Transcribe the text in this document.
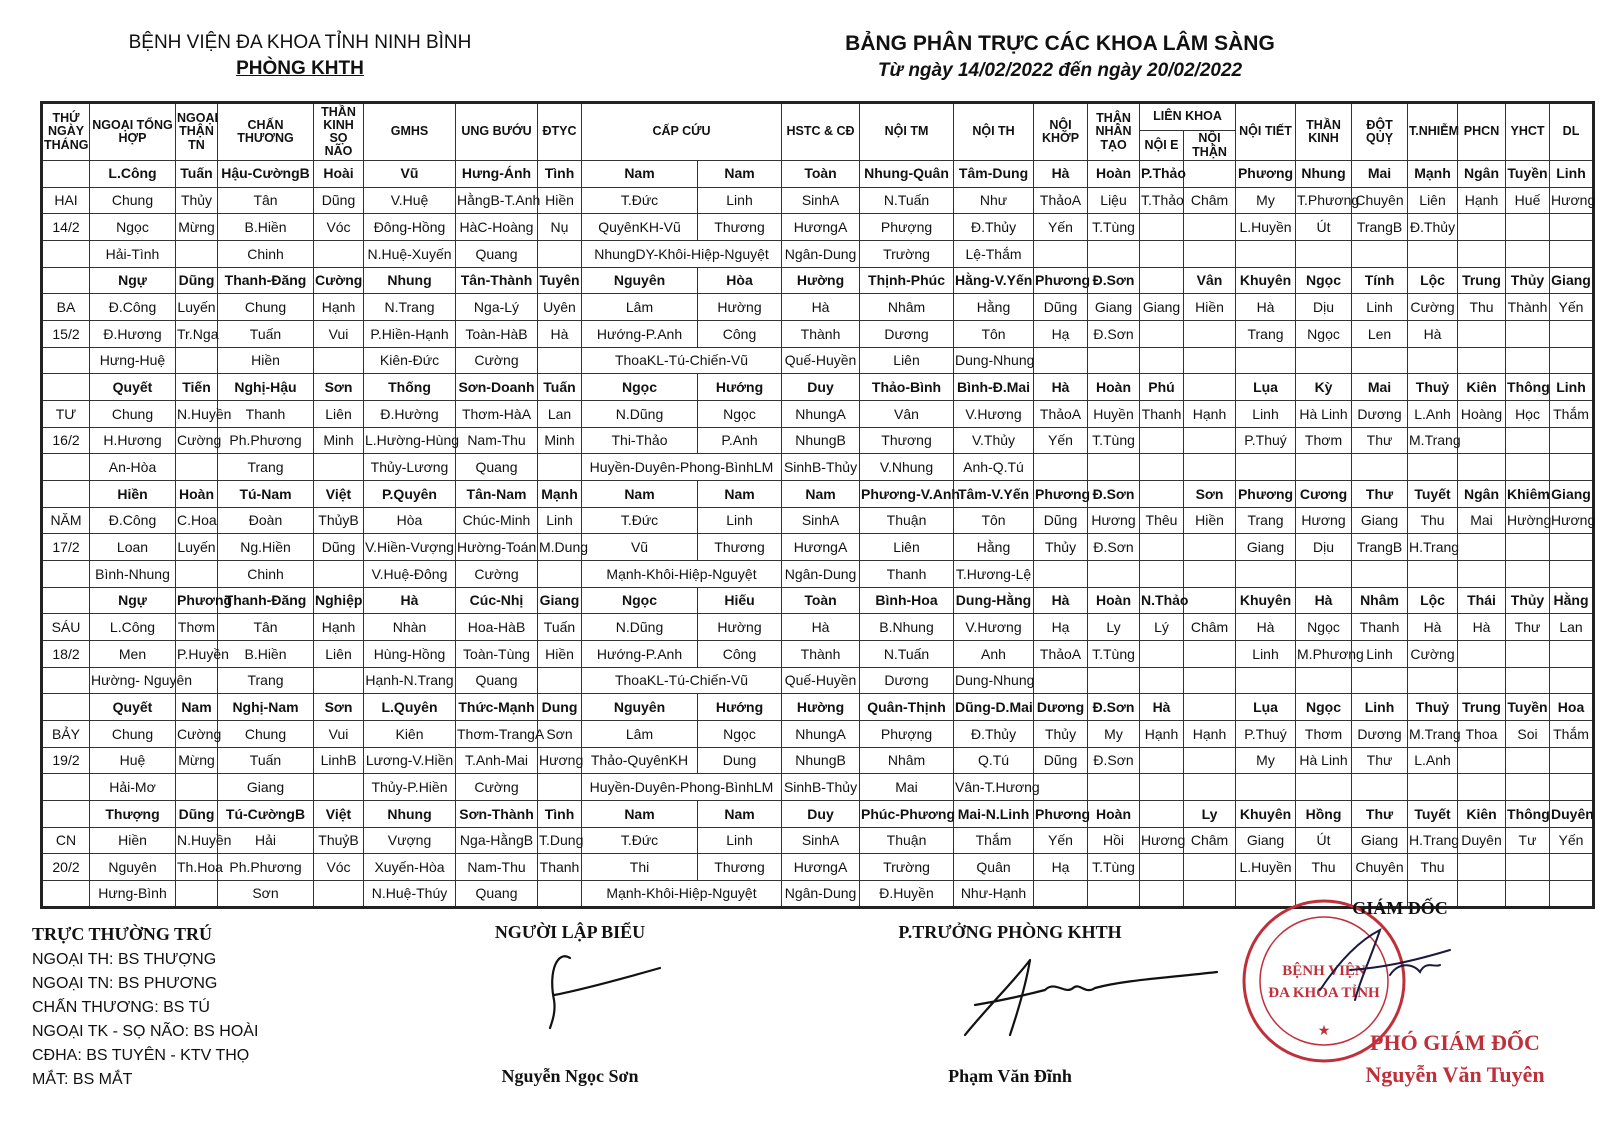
BỆNH VIỆN ĐA KHOA TỈNH NINH BÌNH
PHÒNG KHTH
BẢNG PHÂN TRỰC CÁC KHOA LÂM SÀNG
Từ ngày 14/02/2022 đến ngày 20/02/2022
THỨ NGÀY THÁNG	NGOẠI TỔNG HỢP	NGOẠI THẬN TN	CHẤN THƯƠNG	THẦN KINH SỌ NÃO	GMHS	UNG BƯỚU	ĐTYC	CẤP CỨU		HSTC & CĐ	NỘI TM	NỘI TH	NỘI KHỚP	THẬN NHÂN TẠO	LIÊN KHOA		NỘI TIẾT	THẦN KINH	ĐỘT QUỴ	T.NHIỄM	PHCN	YHCT	DL
															NỘI E	NỘI THẬN							
	L.Công	Tuấn	Hậu-CườngB	Hoài	Vũ	Hưng-Ánh	Tình	Nam	Nam	Toàn	Nhung-Quân	Tâm-Dung	Hà	Hoàn	P.Thảo		Phương	Nhung	Mai	Mạnh	Ngân	Tuyền	Linh
HAI	Chung	Thủy	Tân	Dũng	V.Huệ	HằngB-T.Anh	Hiền	T.Đức	Linh	SinhA	N.Tuấn	Như	ThảoA	Liệu	T.Thảo	Châm	My	T.Phương	Chuyên	Liên	Hạnh	Huế	Hương
14/2	Ngọc	Mừng	B.Hiền	Vóc	Đông-Hồng	HàC-Hoàng	Nụ	QuyênKH-Vũ	Thương	HươngA	Phượng	Đ.Thủy	Yến	T.Tùng			L.Huyền	Út	TrangB	Đ.Thủy			
	Hải-Tình		Chinh		N.Huệ-Xuyến	Quang		NhungDY-Khôi-Hiệp-Nguyệt		Ngân-Dung	Trường	Lệ-Thắm											
	Ngự	Dũng	Thanh-Đăng	Cường	Nhung	Tân-Thành	Tuyên	Nguyên	Hòa	Hường	Thịnh-Phúc	Hằng-V.Yến	Phương	Đ.Sơn		Vân	Khuyên	Ngọc	Tính	Lộc	Trung	Thủy	Giang
BA	Đ.Công	Luyến	Chung	Hạnh	N.Trang	Nga-Lý	Uyên	Lâm	Hường	Hà	Nhâm	Hằng	Dũng	Giang	Giang	Hiền	Hà	Dịu	Linh	Cường	Thu	Thành	Yến
15/2	Đ.Hương	Tr.Nga	Tuấn	Vui	P.Hiền-Hạnh	Toàn-HàB	Hà	Hướng-P.Anh	Công	Thành	Dương	Tôn	Hạ	Đ.Sơn			Trang	Ngọc	Len	Hà			
	Hưng-Huệ		Hiền		Kiên-Đức	Cường		ThoaKL-Tú-Chiến-Vũ		Quế-Huyền	Liên	Dung-Nhung											
	Quyết	Tiến	Nghị-Hậu	Sơn	Thống	Sơn-Doanh	Tuấn	Ngọc	Hướng	Duy	Thảo-Bình	Bình-Đ.Mai	Hà	Hoàn	Phú		Lụa	Kỳ	Mai	Thuỷ	Kiên	Thông	Linh
TƯ	Chung	N.Huyền	Thanh	Liên	Đ.Hường	Thơm-HàA	Lan	N.Dũng	Ngọc	NhungA	Vân	V.Hương	ThảoA	Huyền	Thanh	Hạnh	Linh	Hà Linh	Dương	L.Anh	Hoàng	Học	Thắm
16/2	H.Hương	Cường	Ph.Phương	Minh	L.Hường-Hùng	Nam-Thu	Minh	Thi-Thảo	P.Anh	NhungB	Thương	V.Thủy	Yến	T.Tùng			P.Thuý	Thơm	Thư	M.Trang			
	An-Hòa		Trang		Thủy-Lương	Quang		Huyền-Duyên-Phong-BìnhLM		SinhB-Thủy	V.Nhung	Anh-Q.Tú											
	Hiền	Hoàn	Tú-Nam	Việt	P.Quyên	Tân-Nam	Mạnh	Nam	Nam	Nam	Phương-V.Anh	Tâm-V.Yến	Phương	Đ.Sơn		Sơn	Phương	Cương	Thư	Tuyết	Ngân	Khiêm	Giang
NĂM	Đ.Công	C.Hoa	Đoàn	ThủyB	Hòa	Chúc-Minh	Linh	T.Đức	Linh	SinhA	Thuận	Tôn	Dũng	Hương	Thêu	Hiền	Trang	Hương	Giang	Thu	Mai	Hường	Hương
17/2	Loan	Luyến	Ng.Hiền	Dũng	V.Hiền-Vượng	Hường-Toán	M.Dung	Vũ	Thương	HươngA	Liên	Hằng	Thủy	Đ.Sơn			Giang	Dịu	TrangB	H.Trang			
	Bình-Nhung		Chinh		V.Huệ-Đông	Cường		Mạnh-Khôi-Hiệp-Nguyệt		Ngân-Dung	Thanh	T.Hương-Lệ											
	Ngự	Phương	Thanh-Đăng	Nghiệp	Hà	Cúc-Nhị	Giang	Ngọc	Hiếu	Toàn	Bình-Hoa	Dung-Hằng	Hà	Hoàn	N.Thảo		Khuyên	Hà	Nhâm	Lộc	Thái	Thủy	Hằng
SÁU	L.Công	Thơm	Tân	Hạnh	Nhàn	Hoa-HàB	Tuấn	N.Dũng	Hường	Hà	B.Nhung	V.Hương	Hạ	Ly	Lý	Châm	Hà	Ngọc	Thanh	Hà	Hà	Thư	Lan
18/2	Men	P.Huyền	B.Hiền	Liên	Hùng-Hồng	Toàn-Tùng	Hiền	Hướng-P.Anh	Công	Thành	N.Tuấn	Anh	ThảoA	T.Tùng			Linh	M.Phương	Linh	Cường			
	Hường- Nguyên		Trang		Hạnh-N.Trang	Quang		ThoaKL-Tú-Chiến-Vũ		Quế-Huyền	Dương	Dung-Nhung											
	Quyết	Nam	Nghị-Nam	Sơn	L.Quyên	Thức-Mạnh	Dung	Nguyên	Hướng	Hường	Quân-Thịnh	Dũng-D.Mai	Dương	Đ.Sơn	Hà		Lụa	Ngọc	Linh	Thuỷ	Trung	Tuyền	Hoa
BẢY	Chung	Cường	Chung	Vui	Kiên	Thơm-TrangA	Sơn	Lâm	Ngọc	NhungA	Phượng	Đ.Thủy	Thủy	My	Hạnh	Hạnh	P.Thuý	Thơm	Dương	M.Trang	Thoa	Soi	Thắm
19/2	Huệ	Mừng	Tuấn	LinhB	Lương-V.Hiền	T.Anh-Mai	Hương	Thảo-QuyênKH	Dung	NhungB	Nhâm	Q.Tú	Dũng	Đ.Sơn			My	Hà Linh	Thư	L.Anh			
	Hải-Mơ		Giang		Thủy-P.Hiền	Cường		Huyền-Duyên-Phong-BìnhLM		SinhB-Thủy	Mai	Vân-T.Hương											
	Thượng	Dũng	Tú-CườngB	Việt	Nhung	Sơn-Thành	Tình	Nam	Nam	Duy	Phúc-Phương	Mai-N.Linh	Phương	Hoàn		Ly	Khuyên	Hồng	Thư	Tuyết	Kiên	Thông	Duyên
CN	Hiền	N.Huyền	Hải	ThuỷB	Vượng	Nga-HằngB	T.Dung	T.Đức	Linh	SinhA	Thuận	Thắm	Yến	Hồi	Hương	Châm	Giang	Út	Giang	H.Trang	Duyên	Tư	Yến
20/2	Nguyên	Th.Hoa	Ph.Phương	Vóc	Xuyến-Hòa	Nam-Thu	Thanh	Thi	Thương	HươngA	Trường	Quân	Hạ	T.Tùng			L.Huyền	Thu	Chuyên	Thu			
	Hưng-Bình		Sơn		N.Huệ-Thúy	Quang		Mạnh-Khôi-Hiệp-Nguyệt		Ngân-Dung	Đ.Huyền	Như-Hạnh											
TRỰC THƯỜNG TRÚ
NGOẠI TH: BS THƯỢNG
NGOẠI TN: BS PHƯƠNG
CHẤN THƯƠNG: BS TÚ
NGOẠI TK - SỌ NÃO: BS HOÀI
CĐHA: BS TUYÊN - KTV THỌ
MẮT: BS MẮT
NGƯỜI LẬP BIỂU
Nguyễn Ngọc Sơn
P.TRƯỞNG PHÒNG KHTH
Phạm Văn Đĩnh
BỆNH VIỆN
ĐA KHOA TỈNH
★
GIÁM ĐỐC
PHÓ GIÁM ĐỐC
Nguyễn Văn Tuyên
